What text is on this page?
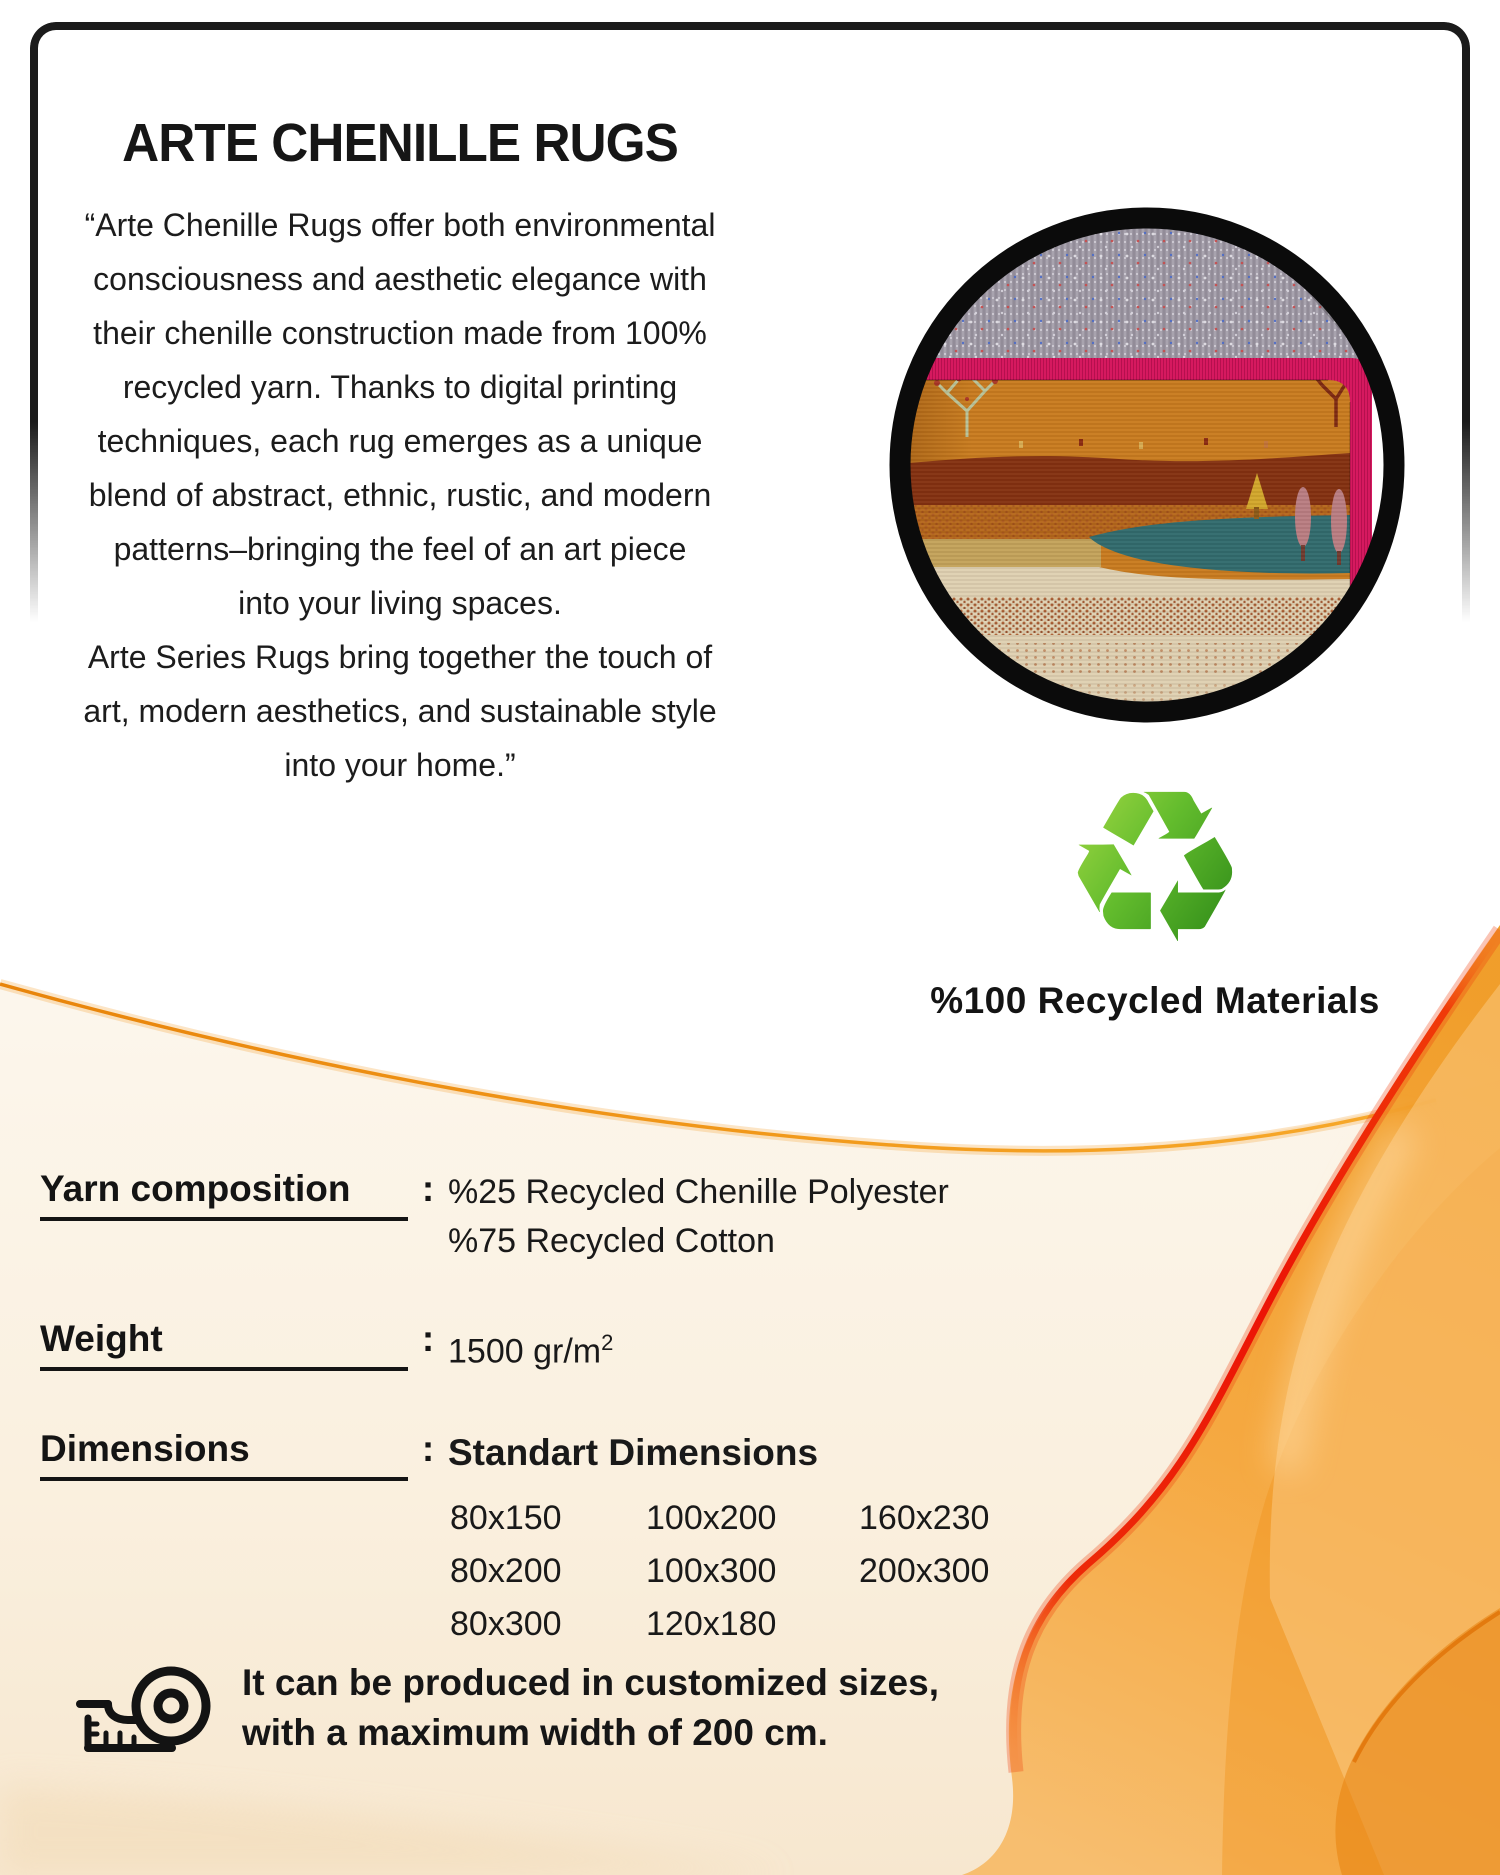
ARTE CHENILLE RUGS
“Arte Chenille Rugs offer both environmental
consciousness and aesthetic elegance with
their chenille construction made from 100%
recycled yarn. Thanks to digital printing
techniques, each rug emerges as a unique
blend of abstract, ethnic, rustic, and modern
patterns–bringing the feel of an art piece
into your living spaces.
Arte Series Rugs bring together the touch of
art, modern aesthetics, and sustainable style
into your home.”	♻
%100 Recycled Materials
Yarn composition	: %25 Recycled Chenille Polyester
%75 Recycled Cotton
Weight	: 1500 $gr/m^2$
Dimensions	: Standart Dimensions
80x150 100x200 160x230
80x200 100x300 200x300
80x300 120x180
It can be produced in customized sizes,
with a maximum width of 200 cm.
